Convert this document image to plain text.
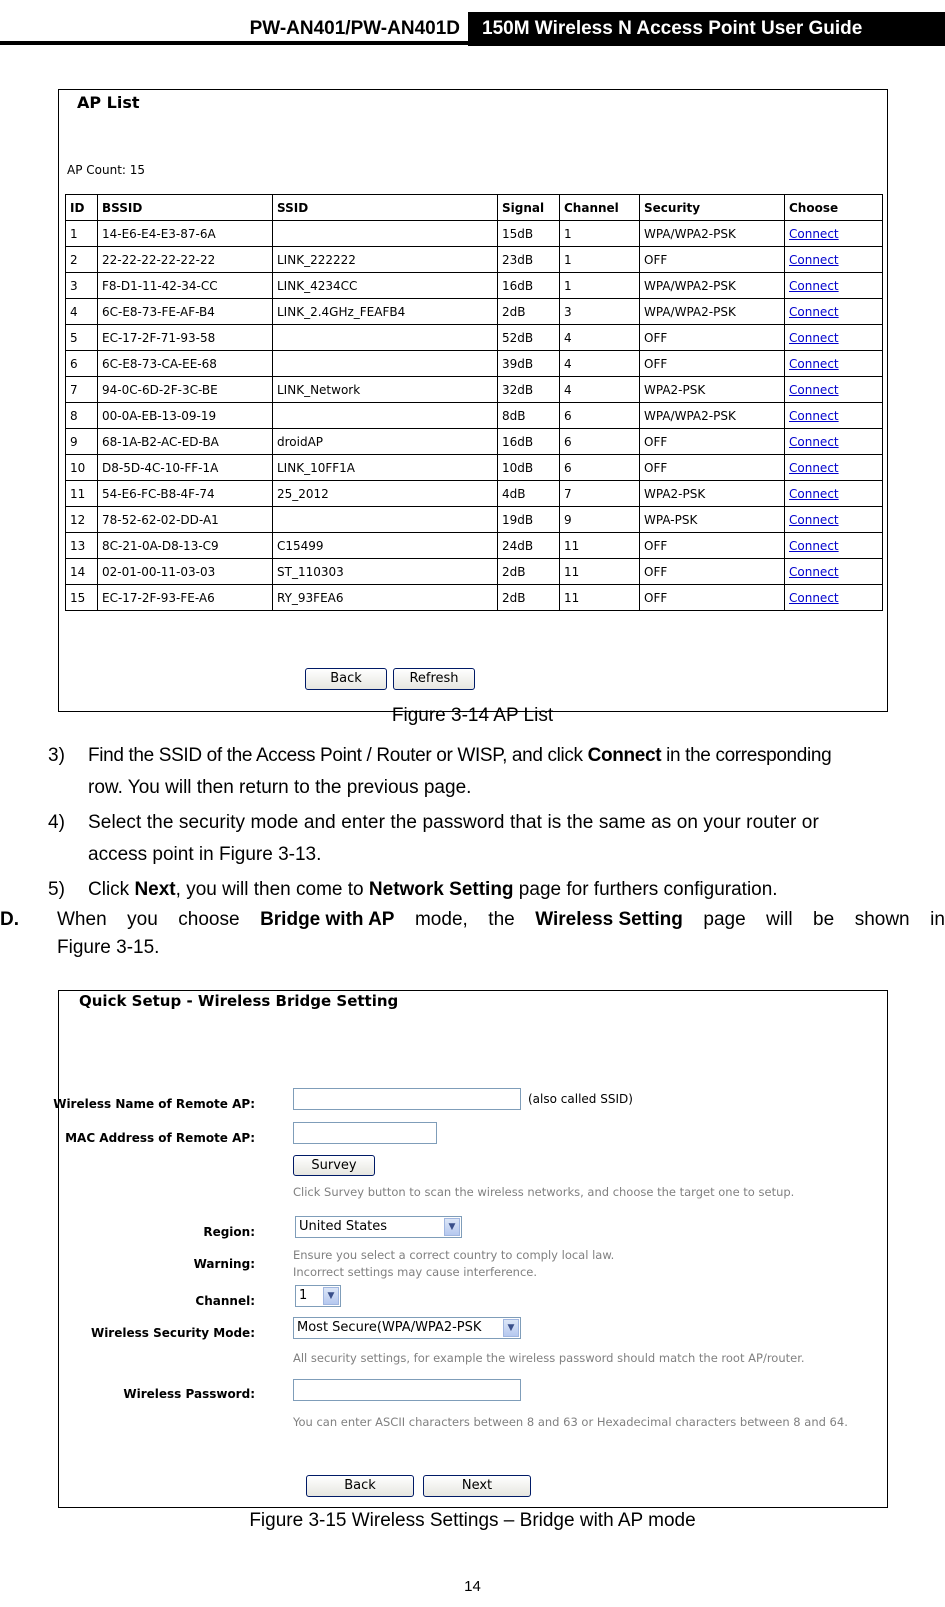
PW-AN401/PW-AN401D	150M Wireless N Access Point User Guide
AP List
AP Count: 15
ID	BSSID	SSID	Signal	Channel	Security	Choose
1	14-E6-E4-E3-87-6A		15dB	1	WPA/WPA2-PSK	Connect
2	22-22-22-22-22-22	LINK_222222	23dB	1	OFF	Connect
3	F8-D1-11-42-34-CC	LINK_4234CC	16dB	1	WPA/WPA2-PSK	Connect
4	6C-E8-73-FE-AF-B4	LINK_2.4GHz_FEAFB4	2dB	3	WPA/WPA2-PSK	Connect
5	EC-17-2F-71-93-58		52dB	4	OFF	Connect
6	6C-E8-73-CA-EE-68		39dB	4	OFF	Connect
7	94-0C-6D-2F-3C-BE	LINK_Network	32dB	4	WPA2-PSK	Connect
8	00-0A-EB-13-09-19		8dB	6	WPA/WPA2-PSK	Connect
9	68-1A-B2-AC-ED-BA	droidAP	16dB	6	OFF	Connect
10	D8-5D-4C-10-FF-1A	LINK_10FF1A	10dB	6	OFF	Connect
11	54-E6-FC-B8-4F-74	25_2012	4dB	7	WPA2-PSK	Connect
12	78-52-62-02-DD-A1		19dB	9	WPA-PSK	Connect
13	8C-21-0A-D8-13-C9	C15499	24dB	11	OFF	Connect
14	02-01-00-11-03-03	ST_110303	2dB	11	OFF	Connect
15	EC-17-2F-93-FE-A6	RY_93FEA6	2dB	11	OFF	Connect
Back	Refresh
Figure 3-14 AP List
3) Find the SSID of the Access Point / Router or WISP, and click Connect in the corresponding
row. You will then return to the previous page.
4) Select the security mode and enter the password that is the same as on your router or
access point in Figure 3-13.
5) Click Next, you will then come to Network Setting page for furthers configuration.
D. When you choose Bridge with AP mode, the Wireless Setting page will be shown in
Figure 3-15.
Quick Setup - Wireless Bridge Setting
Wireless Name of Remote AP:	(also called SSID)
MAC Address of Remote AP:
Survey
Click Survey button to scan the wireless networks, and choose the target one to setup.
Region:	United States	▼
Warning:
Ensure you select a correct country to comply local law.
Incorrect settings may cause interference.
Channel:	1	▼
Wireless Security Mode:	Most Secure(WPA/WPA2-PSK	▼
All security settings, for example the wireless password should match the root AP/router.
Wireless Password:
You can enter ASCII characters between 8 and 63 or Hexadecimal characters between 8 and 64.
Back	Next
Figure 3-15 Wireless Settings – Bridge with AP mode
14
